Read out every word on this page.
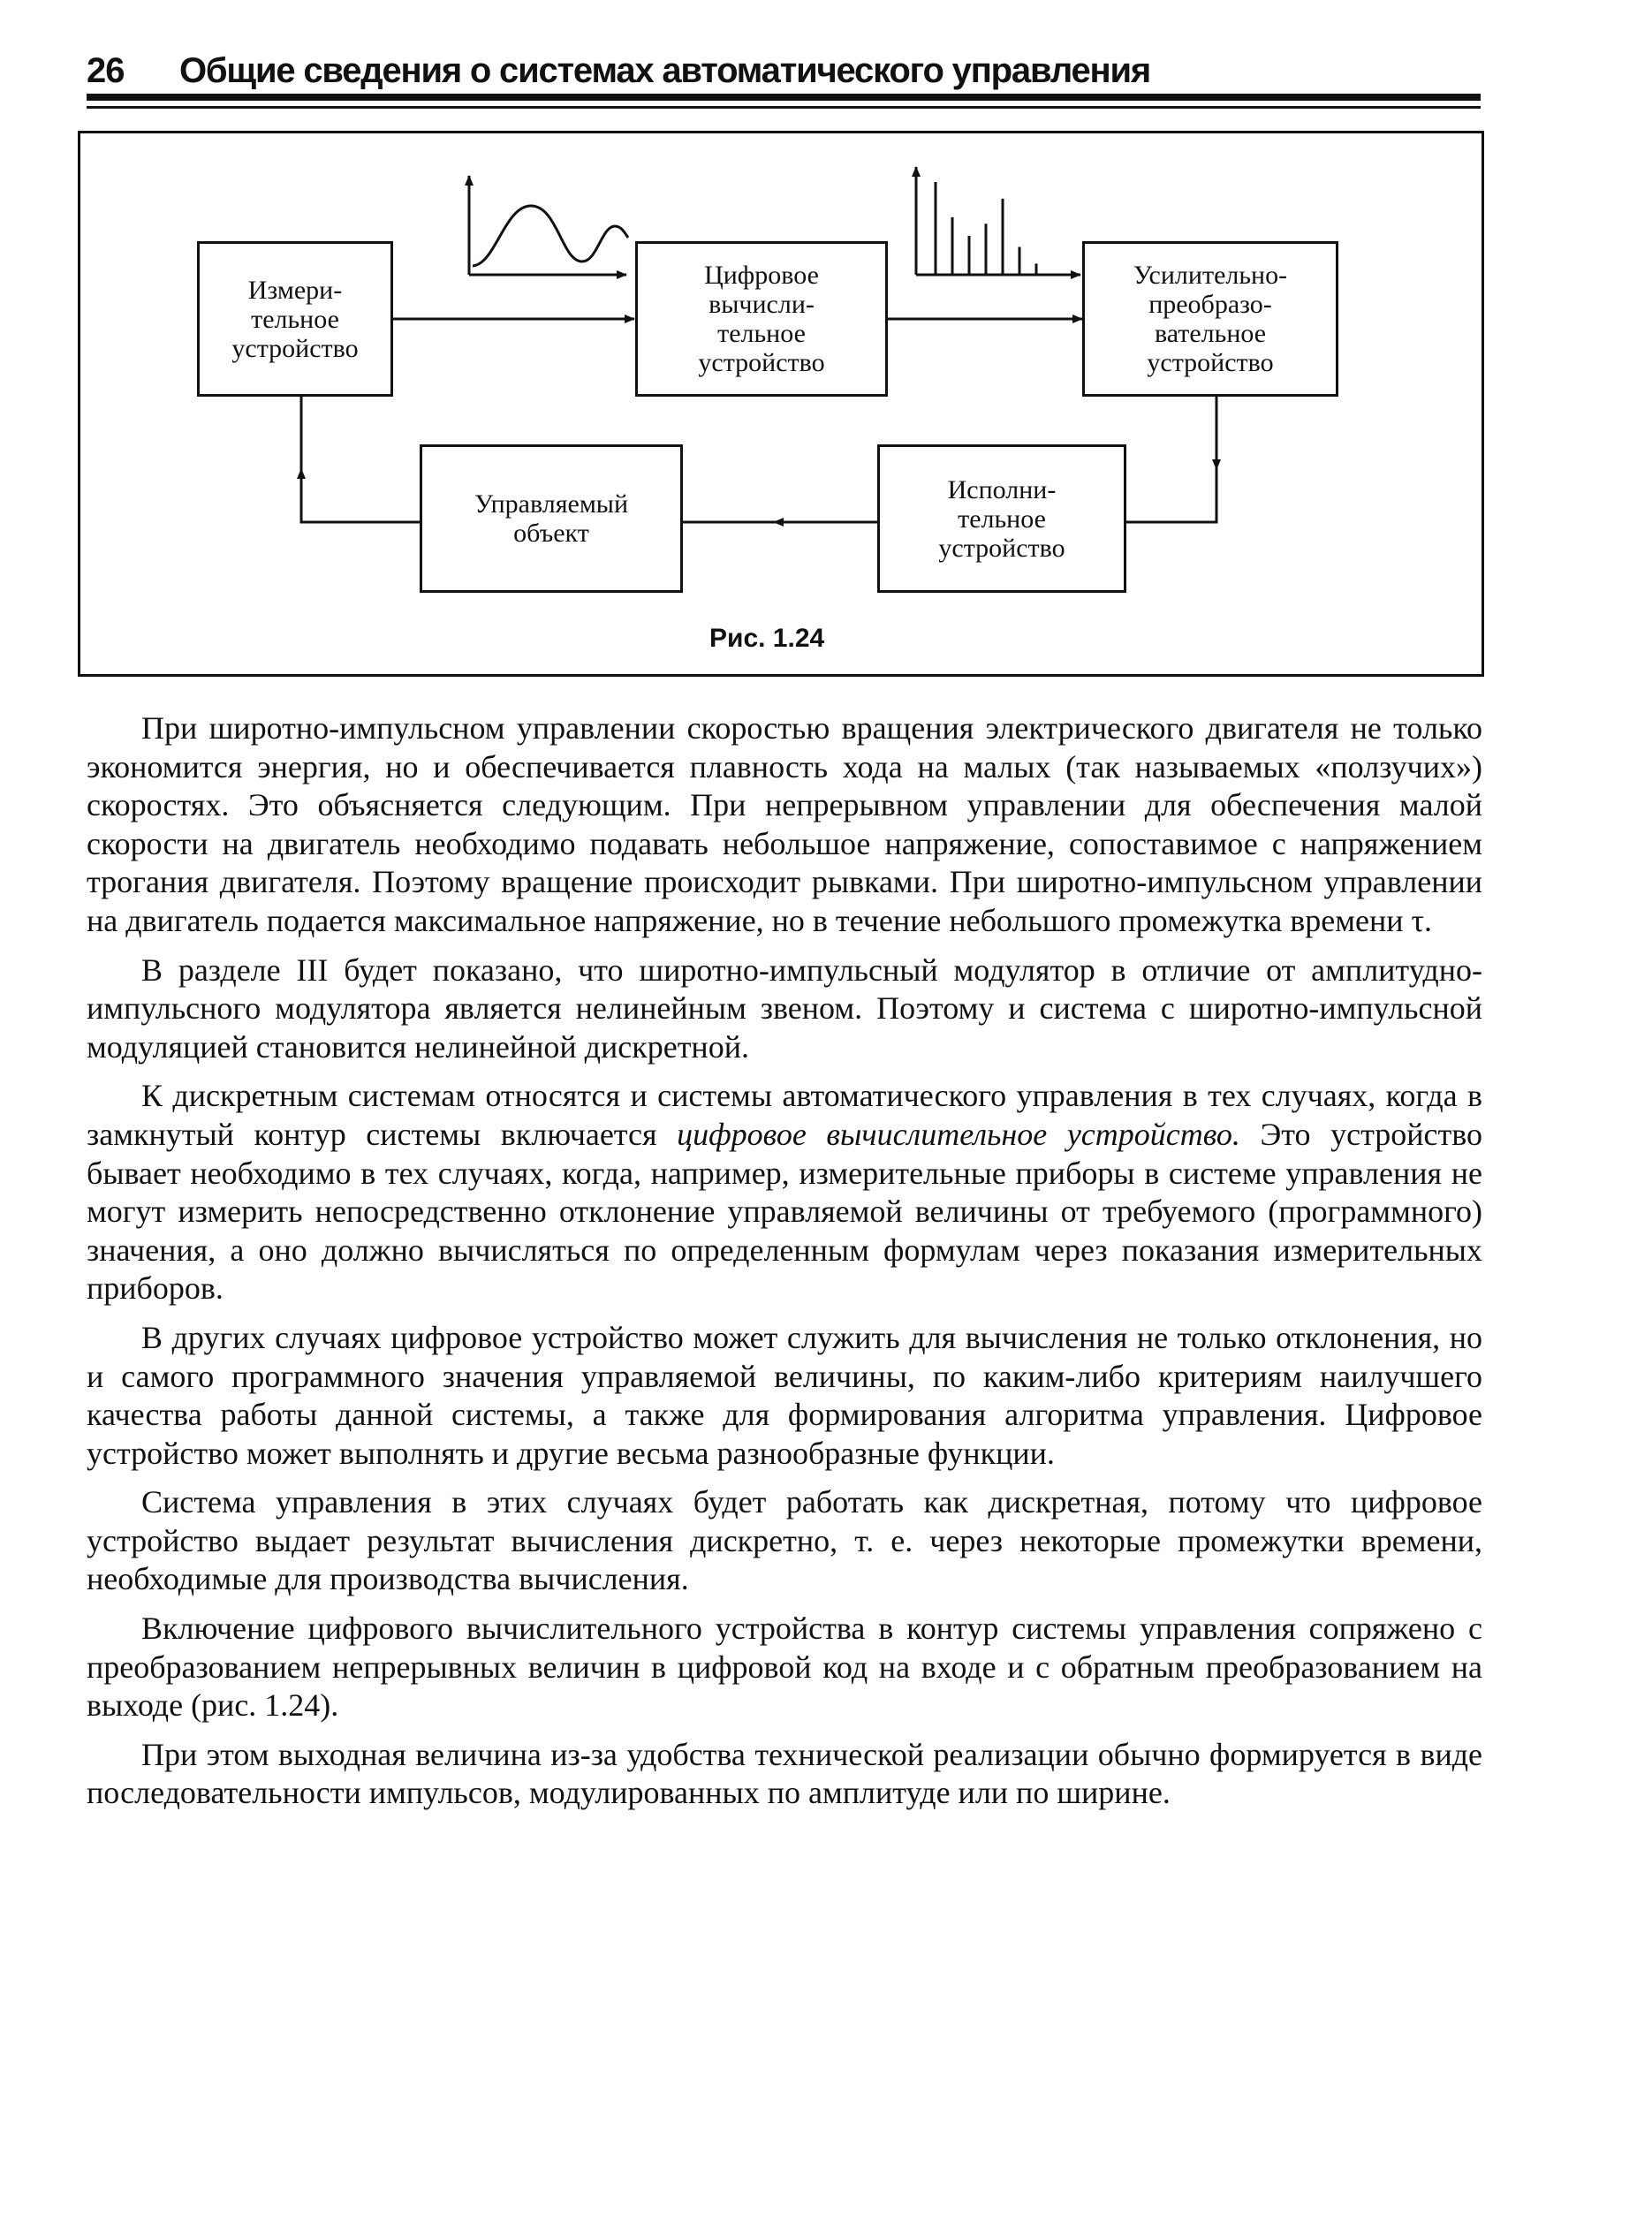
26 Общие сведения о системах автоматического управления
Измери-
тельное
устройство
Цифровое
вычисли-
тельное
устройство
Усилительно-
преобразо-
вательное
устройство
Исполни-
тельное
устройство
Управляемый
объект
Рис. 1.24

При широтно-импульсном управлении скоростью вращения электрического двигателя не только экономится энергия, но и обеспечивается плавность хода на малых (так называемых «ползучих») скоростях. Это объясняется следующим. При непрерывном управлении для обеспечения малой скорости на двигатель необходимо подавать небольшое напряжение, сопоставимое с напряжением трогания двигателя. Поэтому вращение происходит рывками. При широтно-импульсном управлении на двигатель подается максимальное напряжение, но в течение небольшого промежутка времени τ.

В разделе III будет показано, что широтно-импульсный модулятор в отличие от амплитудно-импульсного модулятора является нелинейным звеном. Поэтому и система с широтно-импульсной модуляцией становится нелинейной дискретной.

К дискретным системам относятся и системы автоматического управления в тех случаях, когда в замкнутый контур системы включается цифровое вычислительное устройство. Это устройство бывает необходимо в тех случаях, когда, например, измерительные приборы в системе управления не могут измерить непосредственно отклонение управляемой величины от требуемого (программного) значения, а оно должно вычисляться по определенным формулам через показания измерительных приборов.

В других случаях цифровое устройство может служить для вычисления не только отклонения, но и самого программного значения управляемой величины, по каким-либо критериям наилучшего качества работы данной системы, а также для формирования алгоритма управления. Цифровое устройство может выполнять и другие весьма разнообразные функции.

Система управления в этих случаях будет работать как дискретная, потому что цифровое устройство выдает результат вычисления дискретно, т. е. через некоторые промежутки времени, необходимые для производства вычисления.

Включение цифрового вычислительного устройства в контур системы управления сопряжено с преобразованием непрерывных величин в цифровой код на входе и с обратным преобразованием на выходе (рис. 1.24).

При этом выходная величина из-за удобства технической реализации обычно формируется в виде последовательности импульсов, модулированных по амплитуде или по ширине.
